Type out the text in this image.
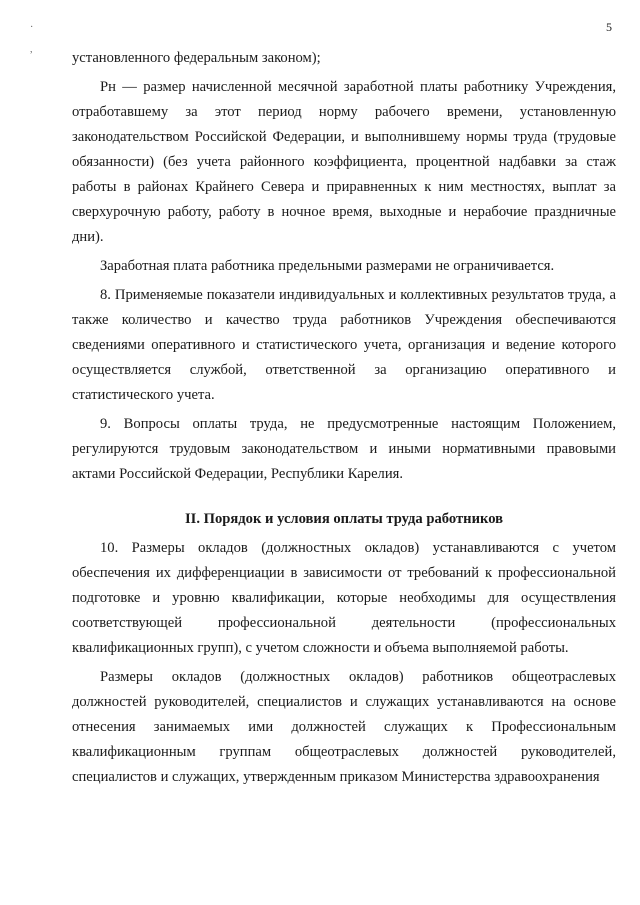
5
·
,

установленного федеральным законом);

Pн — размер начисленной месячной заработной платы работнику Учреждения, отработавшему за этот период норму рабочего времени, установленную законодательством Российской Федерации, и выполнившему нормы труда (трудовые обязанности) (без учета районного коэффициента, процентной надбавки за стаж работы в районах Крайнего Севера и приравненных к ним местностях, выплат за сверхурочную работу, работу в ночное время, выходные и нерабочие праздничные дни).

Заработная плата работника предельными размерами не ограничивается.

8. Применяемые показатели индивидуальных и коллективных результатов труда, а также количество и качество труда работников Учреждения обеспечиваются сведениями оперативного и статистического учета, организация и ведение которого осуществляется службой, ответственной за организацию оперативного и статистического учета.

9. Вопросы оплаты труда, не предусмотренные настоящим Положением, регулируются трудовым законодательством и иными нормативными правовыми актами Российской Федерации, Республики Карелия.

II. Порядок и условия оплаты труда работников

10. Размеры окладов (должностных окладов) устанавливаются с учетом обеспечения их дифференциации в зависимости от требований к профессиональной подготовке и уровню квалификации, которые необходимы для осуществления соответствующей профессиональной деятельности (профессиональных квалификационных групп), с учетом сложности и объема выполняемой работы.

Размеры окладов (должностных окладов) работников общеотраслевых должностей руководителей, специалистов и служащих устанавливаются на основе отнесения занимаемых ими должностей служащих к Профессиональным квалификационным группам общеотраслевых должностей руководителей, специалистов и служащих, утвержденным приказом Министерства здравоохранения
